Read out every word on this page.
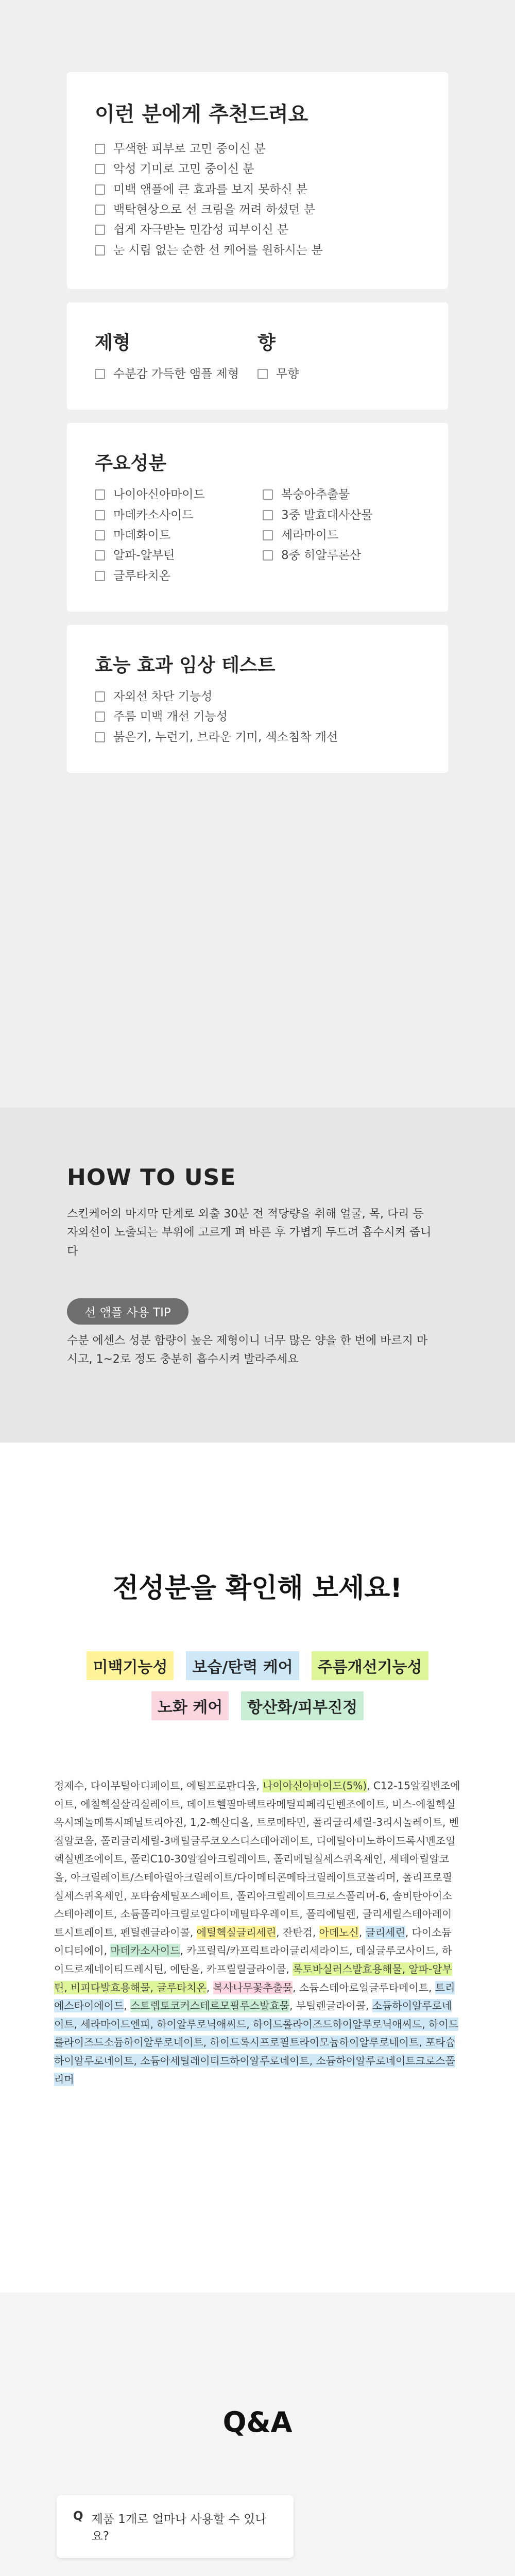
이런 분에게 추천드려요
무색한 피부로 고민 중이신 분
악성 기미로 고민 중이신 분
미백 앰플에 큰 효과를 보지 못하신 분
백탁현상으로 선 크림을 꺼려 하셨던 분
쉽게 자극받는 민감성 피부이신 분
눈 시림 없는 순한 선 케어를 원하시는 분
제형
수분감 가득한 앰플 제형
향
무향
주요성분
나이아신아마이드	복숭아추출물
마데카소사이드	3중 발효대사산물
마데화이트	세라마이드
알파-알부틴	8중 히알루론산
글루타치온
효능 효과 임상 테스트
자외선 차단 기능성
주름 미백 개선 기능성
붉은기, 누런기, 브라운 기미, 색소침착 개선
HOW TO USE

스킨케어의 마지막 단계로 외출 30분 전 적당량을 취해 얼굴, 목, 다리 등 자외선이 노출되는 부위에 고르게 펴 바른 후 가볍게 두드려 흡수시켜 줍니다

선 앰플 사용 TIP

수분 에센스 성분 함량이 높은 제형이니 너무 많은 양을 한 번에 바르지 마시고, 1~2로 정도 충분히 흡수시켜 발라주세요

전성분을 확인해 보세요!
미백기능성	보습/탄력 케어	주름개선기능성
노화 케어	항산화/피부진정

정제수, 다이부틸아디페이트, 에틸프로판디올, 나이아신아마이드(5%), C12-15알킬벤조에이트, 에칠헥실살리실레이트, 데이트헬필마텍트라메틸피페리딘벤조에이트, 비스-에칠헥실옥시페놀메톡시페닐트리아진, 1,2-헥산디올, 트로메타민, 폴리글리세릴-3리시놀레이트, 벤질알코올, 폴리글리세릴-3메틸글루코오스디스테아레이트, 디에틸아미노하이드록시벤조일헥실벤조에이트, 폴리C10-30알킬아크릴레이트, 폴리메틸실세스퀴옥세인, 세테아릴알코올, 아크릴레이트/스테아릴아크릴레이트/다이메티콘메타크릴레이트코폴리머, 폴리프로필실세스퀴옥세인, 포타슘세틸포스페이트, 폴리아크릴레이트크로스폴리머-6, 솔비탄아이소스테아레이트, 소듐폴리아크릴로일다이메틸타우레이트, 폴리에틸렌, 글리세릴스테아레이트시트레이트, 펜틸렌글라이콜, 에틸헥실글리세린, 잔탄검, 아데노신, 글리세린, 다이소듐이디티에이, 마데카소사이드, 카프릴릭/카프릭트라이글리세라이드, 데실글루코사이드, 하이드로제네이티드레시틴, 에탄올, 카프릴릴글라이콜, 록토바실러스발효용해물, 알파-알부틴, 비피다발효용해물, 글루타치온, 복사나무꽃추출물, 소듐스테아로일글루타메이트, 트리에스타이에이드, 스트렙토코커스테르모필루스발효물, 부틸렌글라이콜, 소듐하이알루로네이트, 세라마이드엔피, 하이알루로닉애씨드, 하이드롤라이즈드하이알루로닉애씨드, 하이드롤라이즈드소듐하이알루로네이트, 하이드록시프로필트라이모늄하이알루로네이트, 포타슘하이알루로네이트, 소듐아세틸레이티드하이알루로네이트, 소듐하이알루로네이트크로스폴리머

Q&A
Q 제품 1개로 얼마나 사용할 수 있나요?
